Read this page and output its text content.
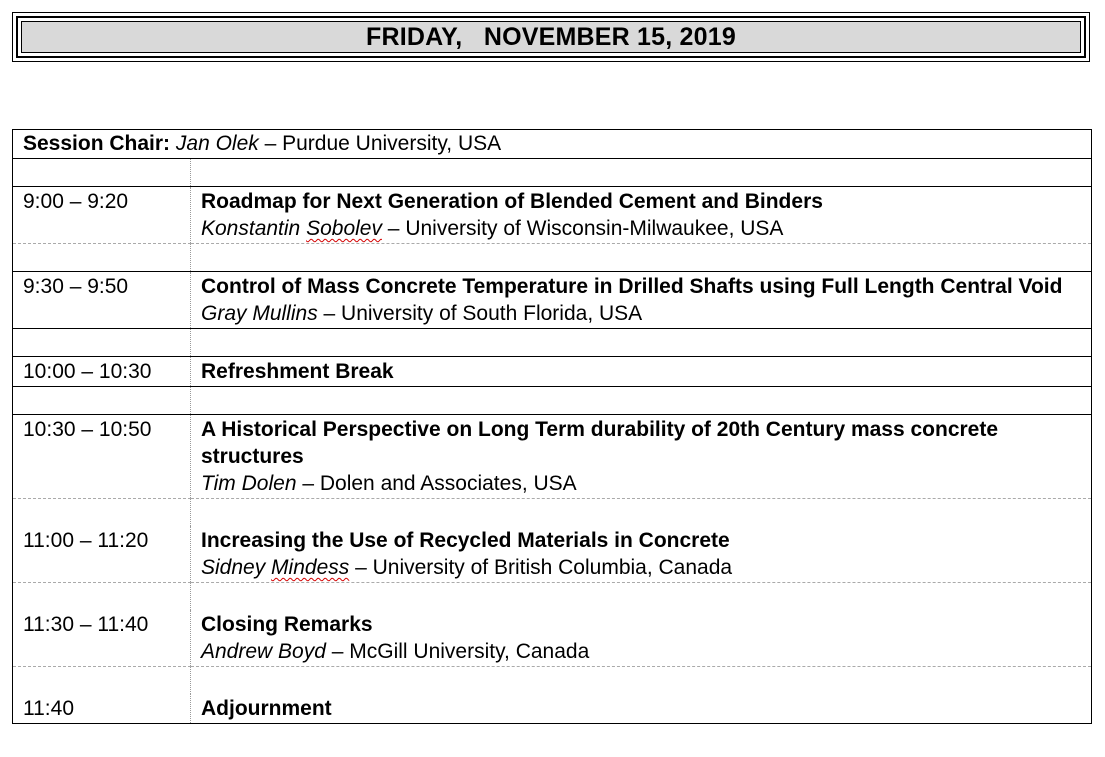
FRIDAY,   NOVEMBER 15, 2019
Session Chair: Jan Olek – Purdue University, USA	

9:00 – 9:20	Roadmap for Next Generation of Blended Cement and Binders
Konstantin Sobolev – University of Wisconsin-Milwaukee, USA

9:30 – 9:50	Control of Mass Concrete Temperature in Drilled Shafts using Full Length Central Void
Gray Mullins – University of South Florida, USA

10:00 – 10:30	Refreshment Break

10:30 – 10:50	A Historical Perspective on Long Term durability of 20th Century mass concrete structures
Tim Dolen – Dolen and Associates, USA

11:00 – 11:20	Increasing the Use of Recycled Materials in Concrete
Sidney Mindess – University of British Columbia, Canada

11:30 – 11:40	Closing Remarks
Andrew Boyd – McGill University, Canada

11:40	Adjournment
